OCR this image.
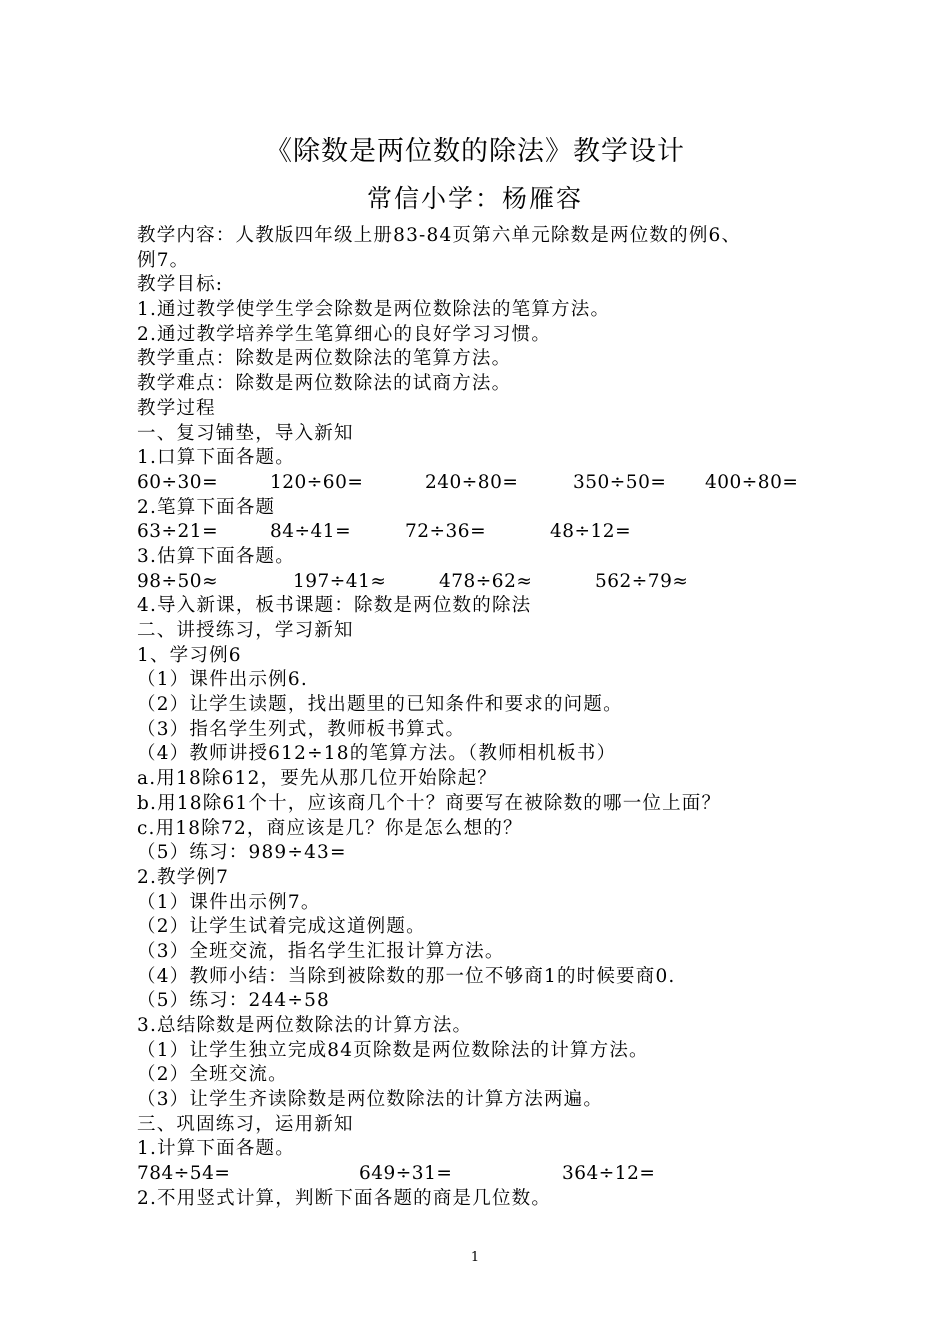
《除数是两位数的除法》教学设计
常信小学：杨雁容
教学内容：人教版四年级上册83-84页第六单元除数是两位数的例6、
例7。
教学目标:
1.通过教学使学生学会除数是两位数除法的笔算方法。
2.通过教学培养学生笔算细心的良好学习习惯。
教学重点：除数是两位数除法的笔算方法。
教学难点：除数是两位数除法的试商方法。
教学过程
一、复习铺垫，导入新知
1.口算下面各题。
60÷30=	120÷60=	240÷80=	350÷50= 400÷80=
2.笔算下面各题
63÷21=	84÷41=	72÷36=	48÷12=
3.估算下面各题。
98÷50≈	197÷41≈	478÷62≈	562÷79≈
4.导入新课，板书课题：除数是两位数的除法
二、讲授练习，学习新知
1、学习例6
（1）课件出示例6.
（2）让学生读题，找出题里的已知条件和要求的问题。
（3）指名学生列式，教师板书算式。
（4）教师讲授612÷18的笔算方法。（教师相机板书）
a.用18除612，要先从那几位开始除起？
b.用18除61个十，应该商几个十？商要写在被除数的哪一位上面？
c.用18除72，商应该是几？你是怎么想的？
（5）练习：989÷43=
2.教学例7
（1）课件出示例7。
（2）让学生试着完成这道例题。
（3）全班交流，指名学生汇报计算方法。
（4）教师小结：当除到被除数的那一位不够商1的时候要商0.
（5）练习：244÷58
3.总结除数是两位数除法的计算方法。
（1）让学生独立完成84页除数是两位数除法的计算方法。
（2）全班交流。
（3）让学生齐读除数是两位数除法的计算方法两遍。
三、巩固练习，运用新知
1.计算下面各题。
784÷54=	649÷31=	364÷12=
2.不用竖式计算，判断下面各题的商是几位数。
1
